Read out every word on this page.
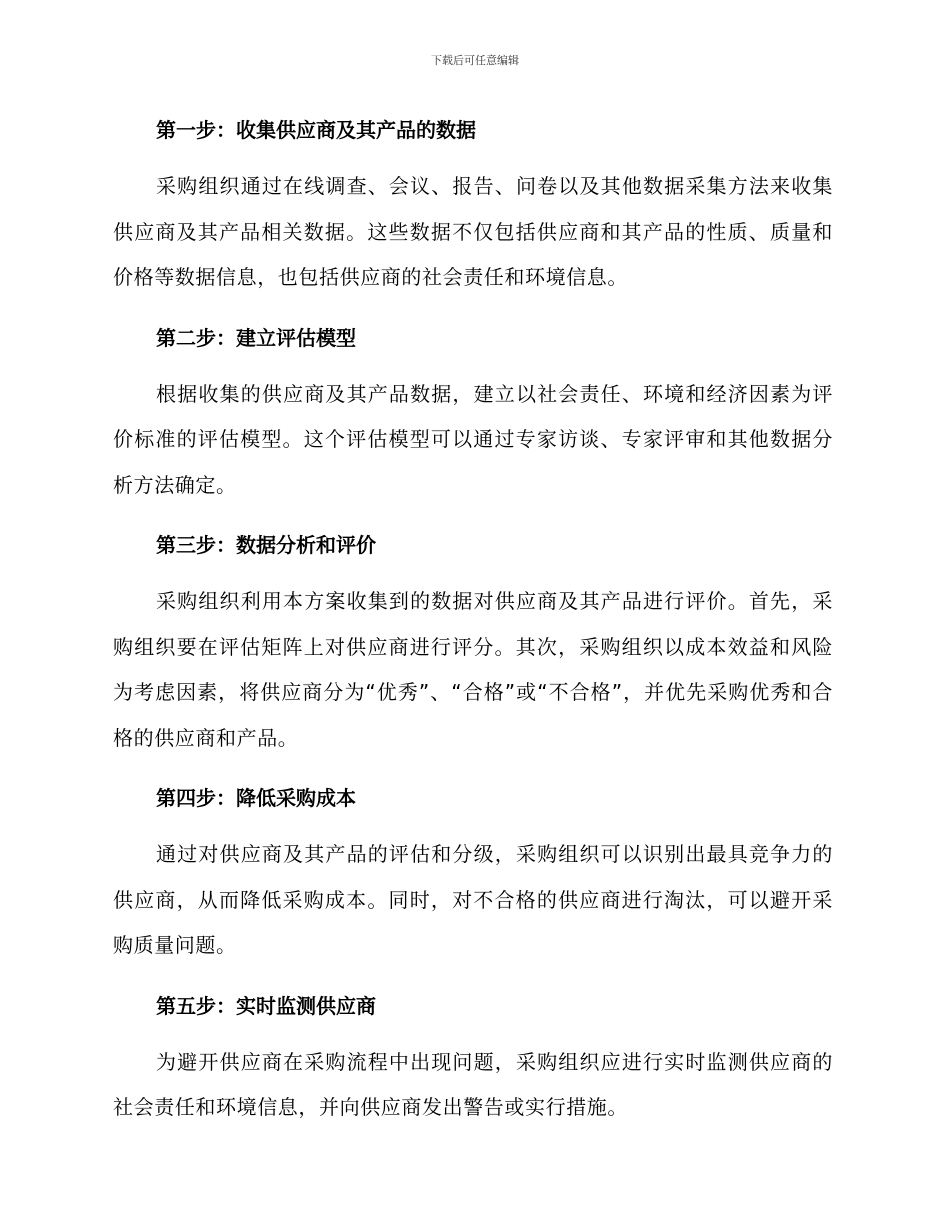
下载后可任意编辑
第一步：收集供应商及其产品的数据

采购组织通过在线调查、会议、报告、问卷以及其他数据采集方法来收集供应商及其产品相关数据。这些数据不仅包括供应商和其产品的性质、质量和价格等数据信息，也包括供应商的社会责任和环境信息。

第二步：建立评估模型

根据收集的供应商及其产品数据，建立以社会责任、环境和经济因素为评价标准的评估模型。这个评估模型可以通过专家访谈、专家评审和其他数据分析方法确定。

第三步：数据分析和评价

采购组织利用本方案收集到的数据对供应商及其产品进行评价。首先，采购组织要在评估矩阵上对供应商进行评分。其次，采购组织以成本效益和风险为考虑因素，将供应商分为“优秀”、“合格”或“不合格”，并优先采购优秀和合格的供应商和产品。

第四步：降低采购成本

通过对供应商及其产品的评估和分级，采购组织可以识别出最具竞争力的供应商，从而降低采购成本。同时，对不合格的供应商进行淘汰，可以避开采购质量问题。

第五步：实时监测供应商

为避开供应商在采购流程中出现问题，采购组织应进行实时监测供应商的社会责任和环境信息，并向供应商发出警告或实行措施。
